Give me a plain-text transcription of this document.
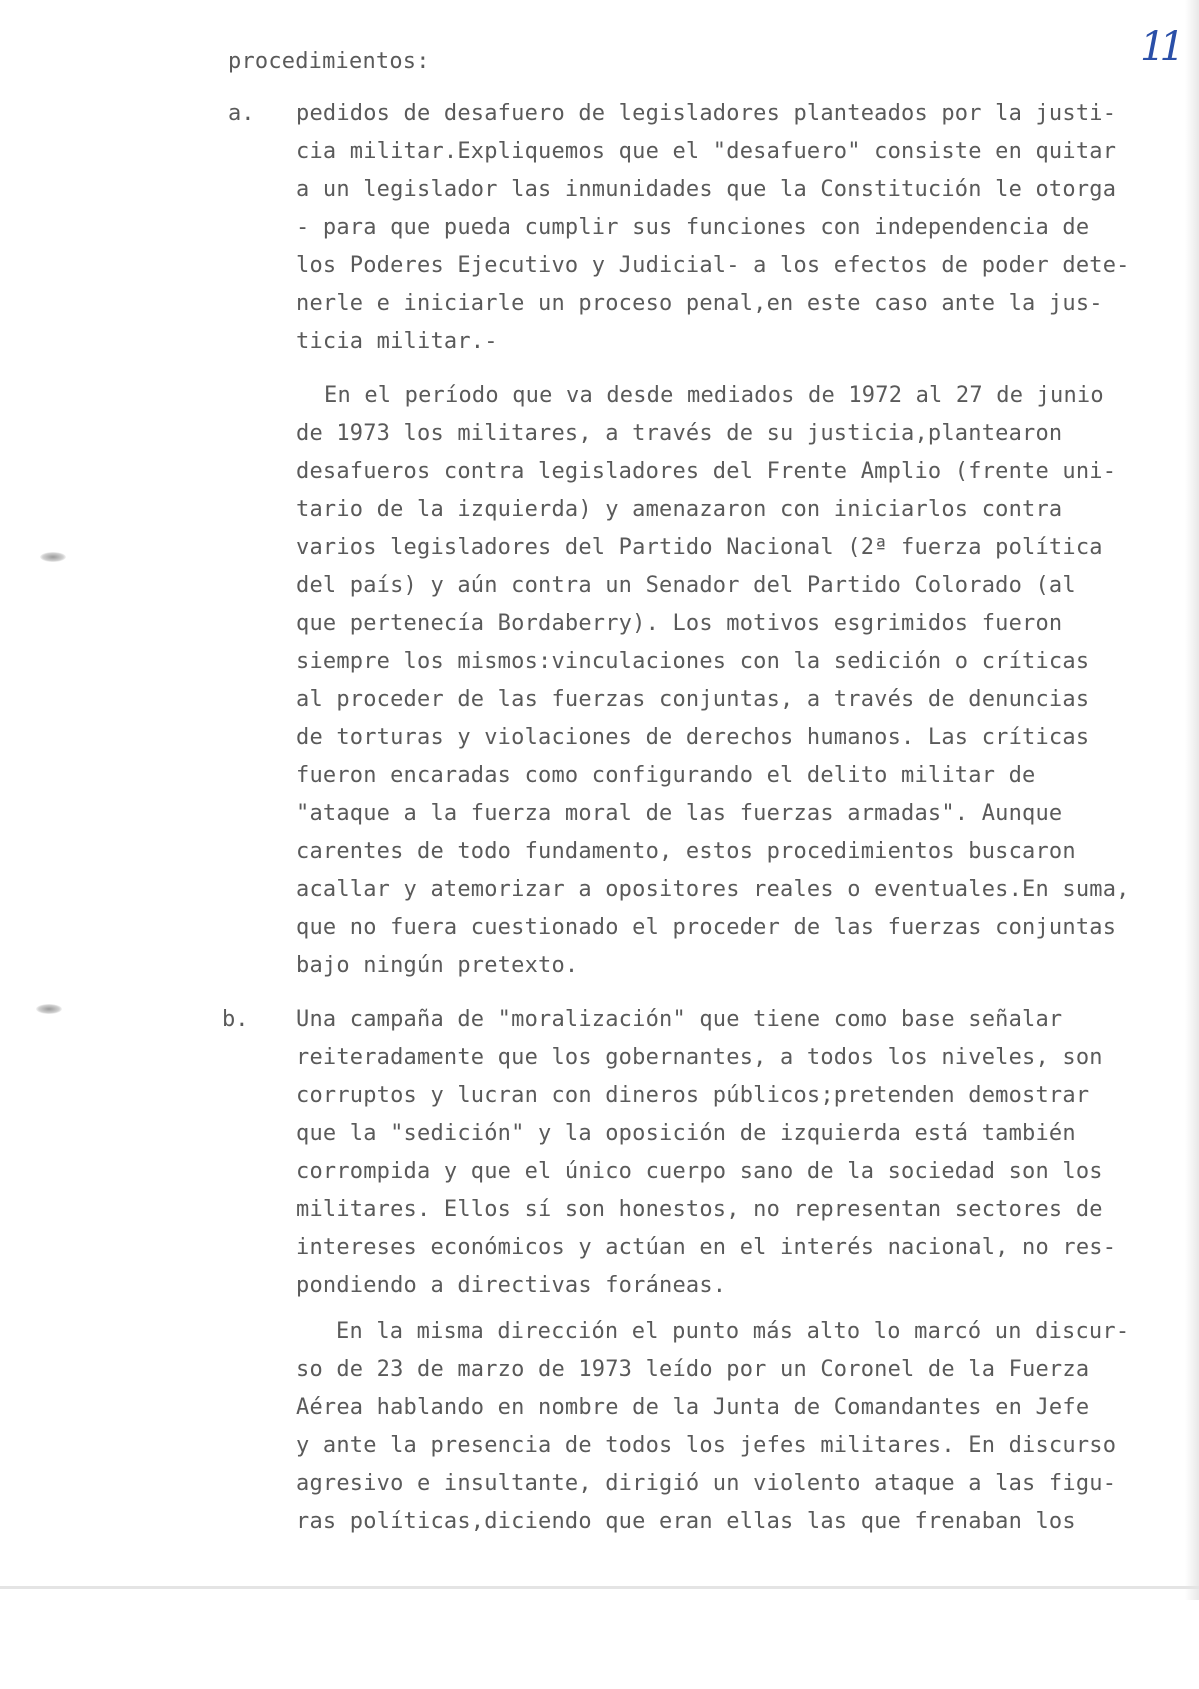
11
procedimientos:
a. pedidos de desafuero de legisladores planteados por la justi-
cia militar.Expliquemos que el "desafuero" consiste en quitar
a un legislador las inmunidades que la Constitución le otorga
- para que pueda cumplir sus funciones con independencia de
los Poderes Ejecutivo y Judicial- a los efectos de poder dete-
nerle e iniciarle un proceso penal,en este caso ante la jus-
ticia militar.-
En el período que va desde mediados de 1972 al 27 de junio
de 1973 los militares, a través de su justicia,plantearon
desafueros contra legisladores del Frente Amplio (frente uni-
tario de la izquierda) y amenazaron con iniciarlos contra
varios legisladores del Partido Nacional (2ª fuerza política
del país) y aún contra un Senador del Partido Colorado (al
que pertenecía Bordaberry). Los motivos esgrimidos fueron
siempre los mismos:vinculaciones con la sedición o críticas
al proceder de las fuerzas conjuntas, a través de denuncias
de torturas y violaciones de derechos humanos. Las críticas
fueron encaradas como configurando el delito militar de
"ataque a la fuerza moral de las fuerzas armadas". Aunque
carentes de todo fundamento, estos procedimientos buscaron
acallar y atemorizar a opositores reales o eventuales.En suma,
que no fuera cuestionado el proceder de las fuerzas conjuntas
bajo ningún pretexto.
b. Una campaña de "moralización" que tiene como base señalar
reiteradamente que los gobernantes, a todos los niveles, son
corruptos y lucran con dineros públicos;pretenden demostrar
que la "sedición" y la oposición de izquierda está también
corrompida y que el único cuerpo sano de la sociedad son los
militares. Ellos sí son honestos, no representan sectores de
intereses económicos y actúan en el interés nacional, no res-
pondiendo a directivas foráneas.
En la misma dirección el punto más alto lo marcó un discur-
so de 23 de marzo de 1973 leído por un Coronel de la Fuerza
Aérea hablando en nombre de la Junta de Comandantes en Jefe
y ante la presencia de todos los jefes militares. En discurso
agresivo e insultante, dirigió un violento ataque a las figu-
ras políticas,diciendo que eran ellas las que frenaban los
